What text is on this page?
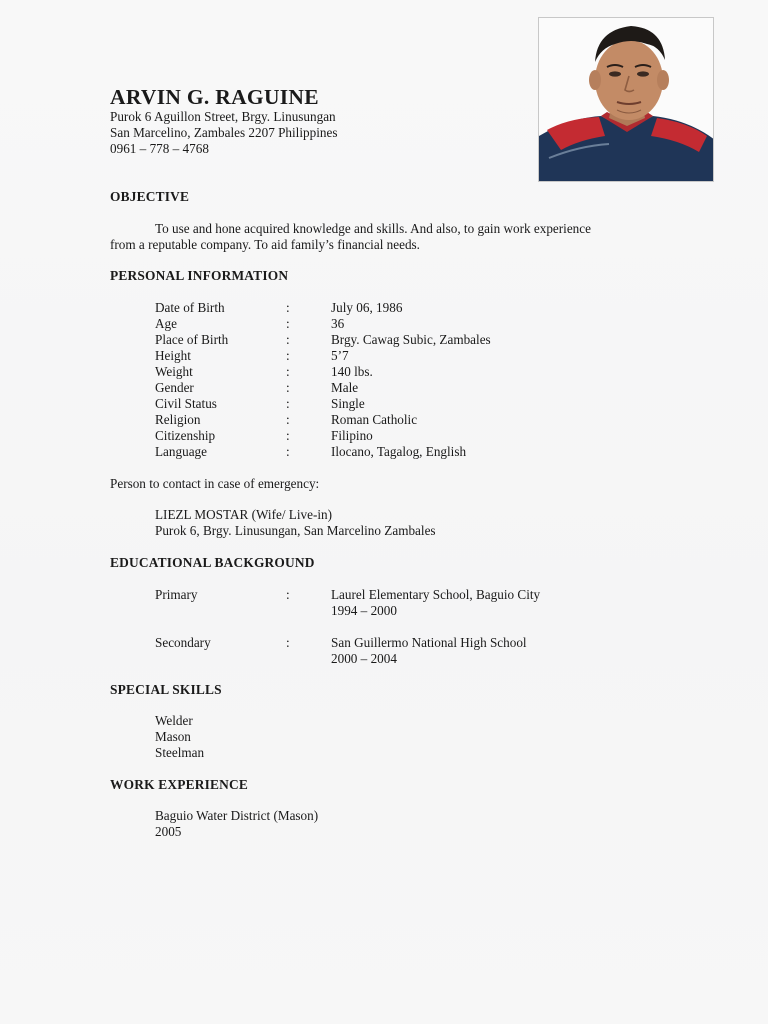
ARVIN G. RAGUINE
Purok 6 Aguillon Street, Brgy. Linusungan
San Marcelino, Zambales 2207 Philippines
0961 – 778 – 4768
OBJECTIVE
To use and hone acquired knowledge and skills. And also, to gain work experience
from a reputable company. To aid family’s financial needs.
PERSONAL INFORMATION
Date of Birth	:	July 06, 1986
Age	:	36
Place of Birth	:	Brgy. Cawag Subic, Zambales
Height	:	5’7
Weight	:	140 lbs.
Gender	:	Male
Civil Status	:	Single
Religion	:	Roman Catholic
Citizenship	:	Filipino
Language	:	Ilocano, Tagalog, English
Person to contact in case of emergency:
LIEZL MOSTAR (Wife/ Live-in)
Purok 6, Brgy. Linusungan, San Marcelino Zambales
EDUCATIONAL BACKGROUND
Primary	:	Laurel Elementary School, Baguio City
1994 – 2000
Secondary	:	San Guillermo National High School
2000 – 2004
SPECIAL SKILLS
Welder
Mason
Steelman
WORK EXPERIENCE
Baguio Water District (Mason)
2005
